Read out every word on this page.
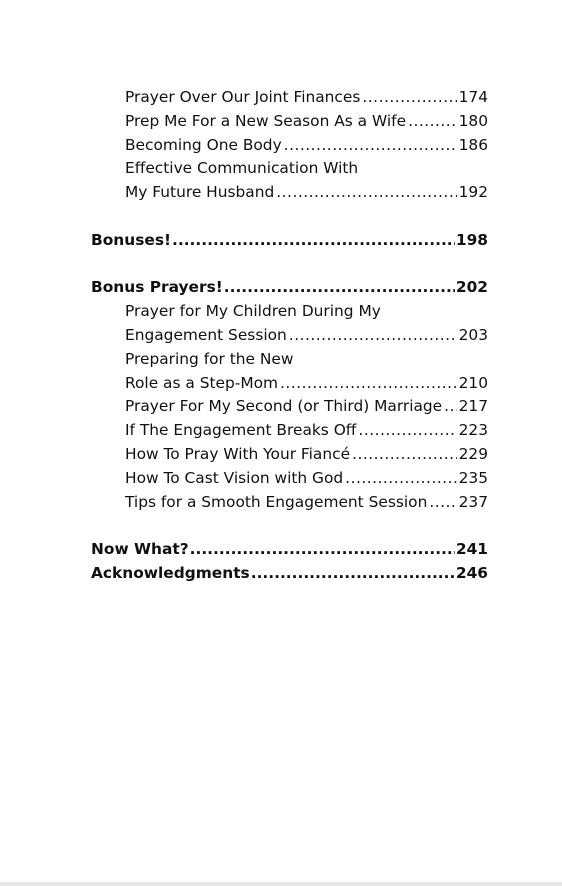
Prayer Over Our Joint Finances .....	174
Prep Me For a New Season As a Wife .....	180
Becoming One Body .....	186
Effective Communication With
My Future Husband .....	192
Bonuses! .....	198
Bonus Prayers! .....	202
Prayer for My Children During My
Engagement Session .....	203
Preparing for the New
Role as a Step-Mom .....	210
Prayer For My Second (or Third) Marriage ..... 217
If The Engagement Breaks Off .....	223
How To Pray With Your Fiancé .....	229
How To Cast Vision with God .....	235
Tips for a Smooth Engagement Session ..... 237
Now What? .....	241
Acknowledgments .....	246
